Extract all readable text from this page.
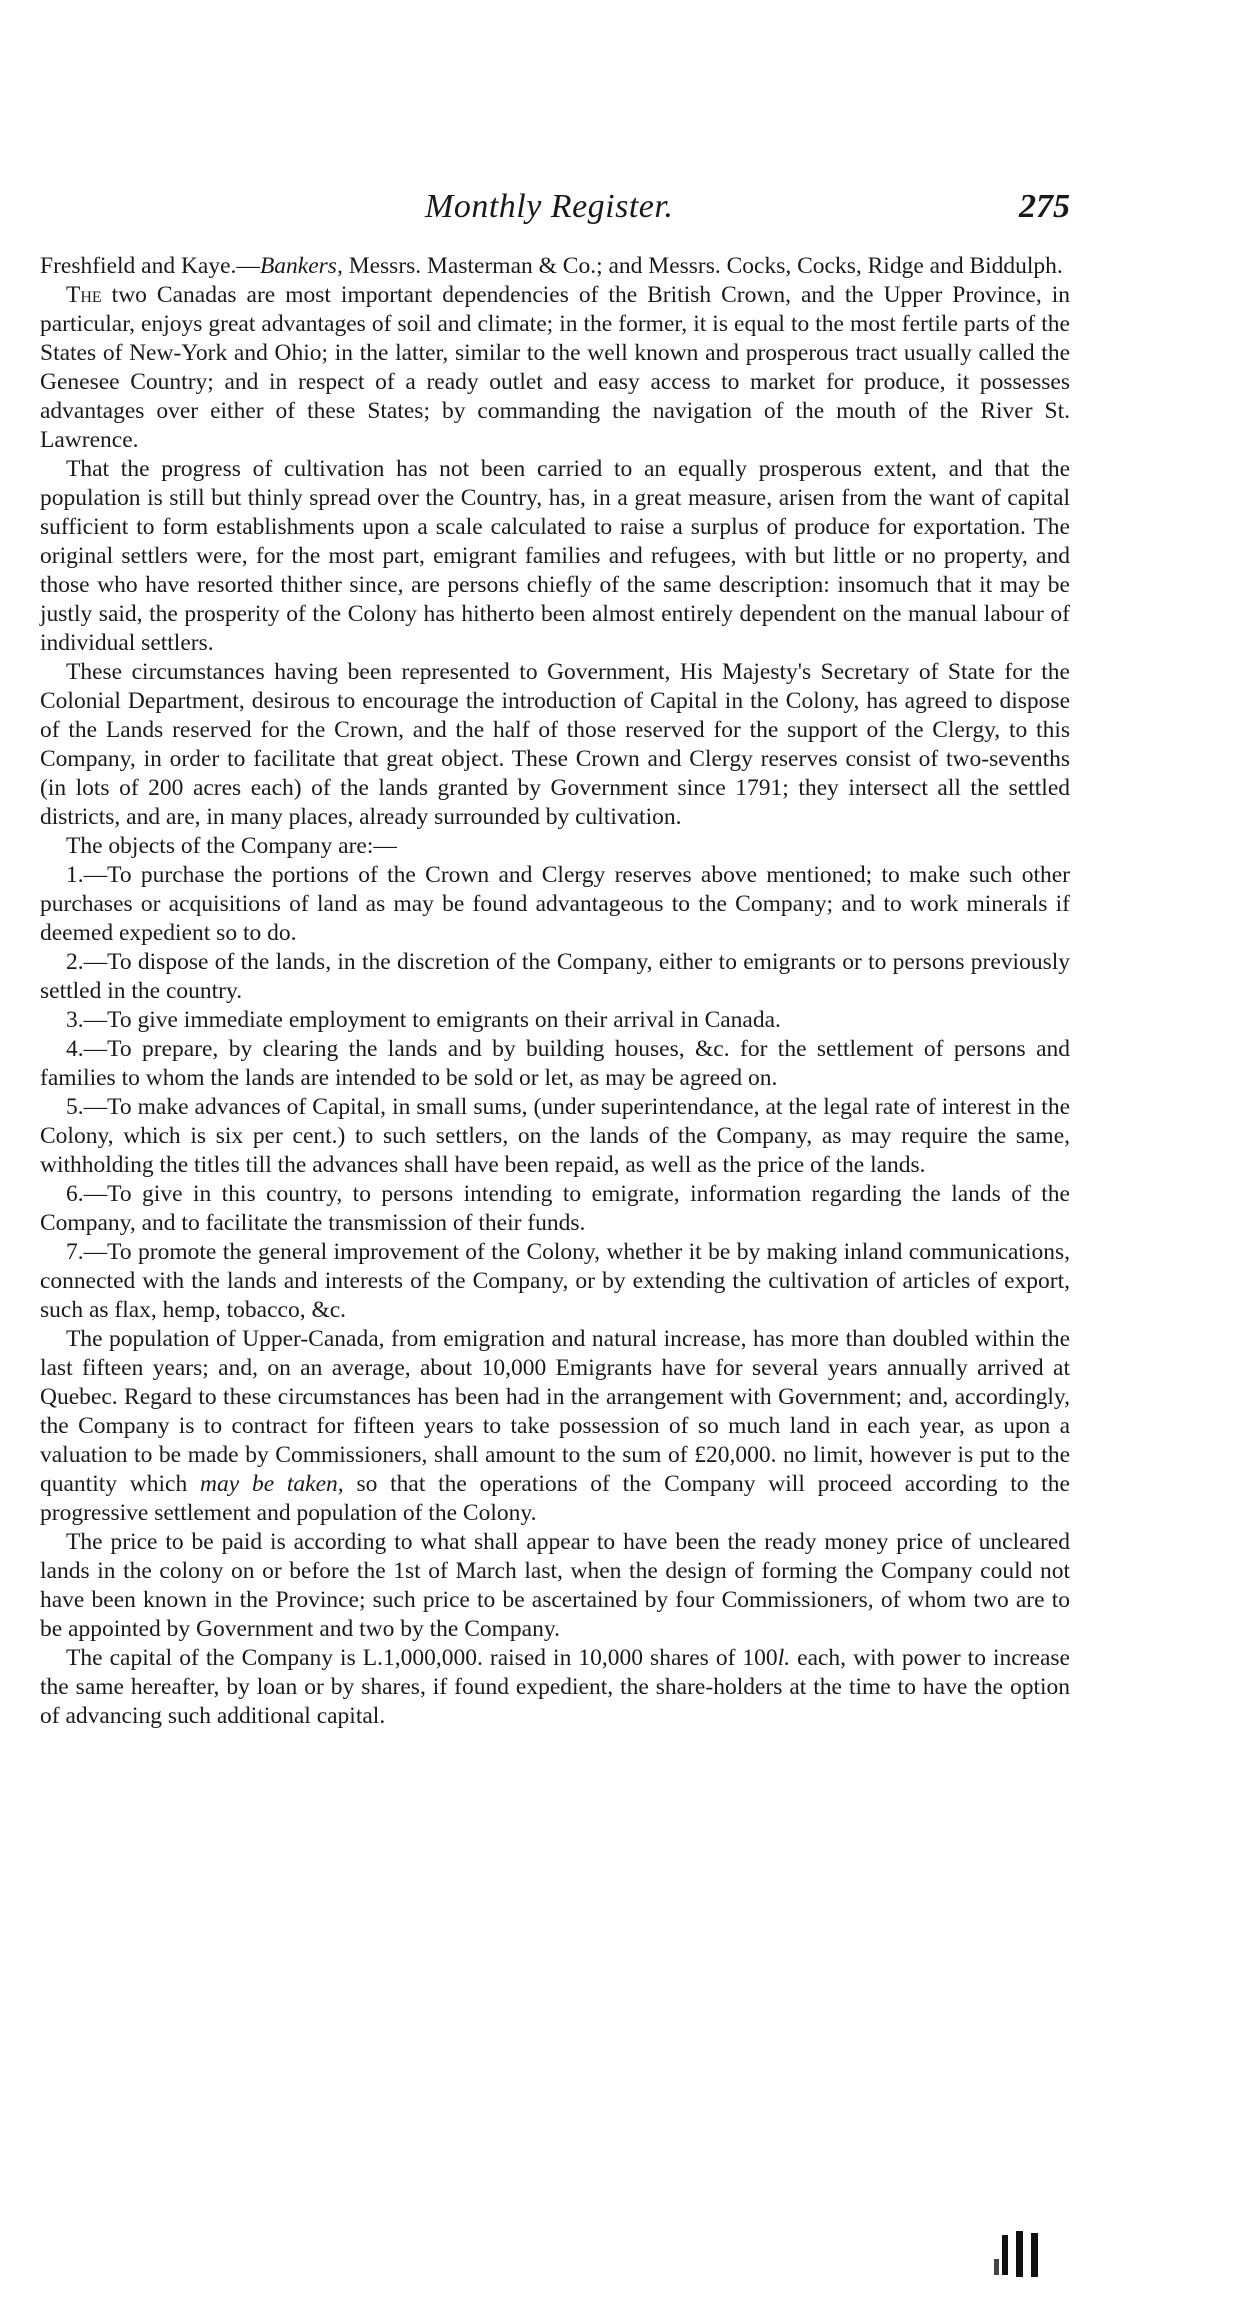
Monthly Register.	275

Freshfield and Kaye.—Bankers, Messrs. Masterman & Co.; and Messrs. Cocks, Cocks, Ridge and Biddulph.

The two Canadas are most important dependencies of the British Crown, and the Upper Province, in particular, enjoys great advantages of soil and climate; in the former, it is equal to the most fertile parts of the States of New-York and Ohio; in the latter, similar to the well known and prosperous tract usually called the Genesee Country; and in respect of a ready outlet and easy access to market for produce, it possesses advantages over either of these States; by commanding the navigation of the mouth of the River St. Lawrence.

That the progress of cultivation has not been carried to an equally prosperous extent, and that the population is still but thinly spread over the Country, has, in a great measure, arisen from the want of capital sufficient to form establishments upon a scale calculated to raise a surplus of produce for exportation. The original settlers were, for the most part, emigrant families and refugees, with but little or no property, and those who have resorted thither since, are persons chiefly of the same description: insomuch that it may be justly said, the prosperity of the Colony has hitherto been almost entirely dependent on the manual labour of individual settlers.

These circumstances having been represented to Government, His Majesty's Secretary of State for the Colonial Department, desirous to encourage the introduction of Capital in the Colony, has agreed to dispose of the Lands reserved for the Crown, and the half of those reserved for the support of the Clergy, to this Company, in order to facilitate that great object. These Crown and Clergy reserves consist of two-sevenths (in lots of 200 acres each) of the lands granted by Government since 1791; they intersect all the settled districts, and are, in many places, already surrounded by cultivation.

The objects of the Company are:—

1.—To purchase the portions of the Crown and Clergy reserves above mentioned; to make such other purchases or acquisitions of land as may be found advantageous to the Company; and to work minerals if deemed expedient so to do.

2.—To dispose of the lands, in the discretion of the Company, either to emigrants or to persons previously settled in the country.

3.—To give immediate employment to emigrants on their arrival in Canada.

4.—To prepare, by clearing the lands and by building houses, &c. for the settlement of persons and families to whom the lands are intended to be sold or let, as may be agreed on.

5.—To make advances of Capital, in small sums, (under superintendance, at the legal rate of interest in the Colony, which is six per cent.) to such settlers, on the lands of the Company, as may require the same, withholding the titles till the advances shall have been repaid, as well as the price of the lands.

6.—To give in this country, to persons intending to emigrate, information regarding the lands of the Company, and to facilitate the transmission of their funds.

7.—To promote the general improvement of the Colony, whether it be by making inland communications, connected with the lands and interests of the Company, or by extending the cultivation of articles of export, such as flax, hemp, tobacco, &c.

The population of Upper-Canada, from emigration and natural increase, has more than doubled within the last fifteen years; and, on an average, about 10,000 Emigrants have for several years annually arrived at Quebec. Regard to these circumstances has been had in the arrangement with Government; and, accordingly, the Company is to contract for fifteen years to take possession of so much land in each year, as upon a valuation to be made by Commissioners, shall amount to the sum of £20,000. no limit, however is put to the quantity which may be taken, so that the operations of the Company will proceed according to the progressive settlement and population of the Colony.

The price to be paid is according to what shall appear to have been the ready money price of uncleared lands in the colony on or before the 1st of March last, when the design of forming the Company could not have been known in the Province; such price to be ascertained by four Commissioners, of whom two are to be appointed by Government and two by the Company.

The capital of the Company is L.1,000,000. raised in 10,000 shares of 100l. each, with power to increase the same hereafter, by loan or by shares, if found expedient, the share-holders at the time to have the option of advancing such additional capital.
